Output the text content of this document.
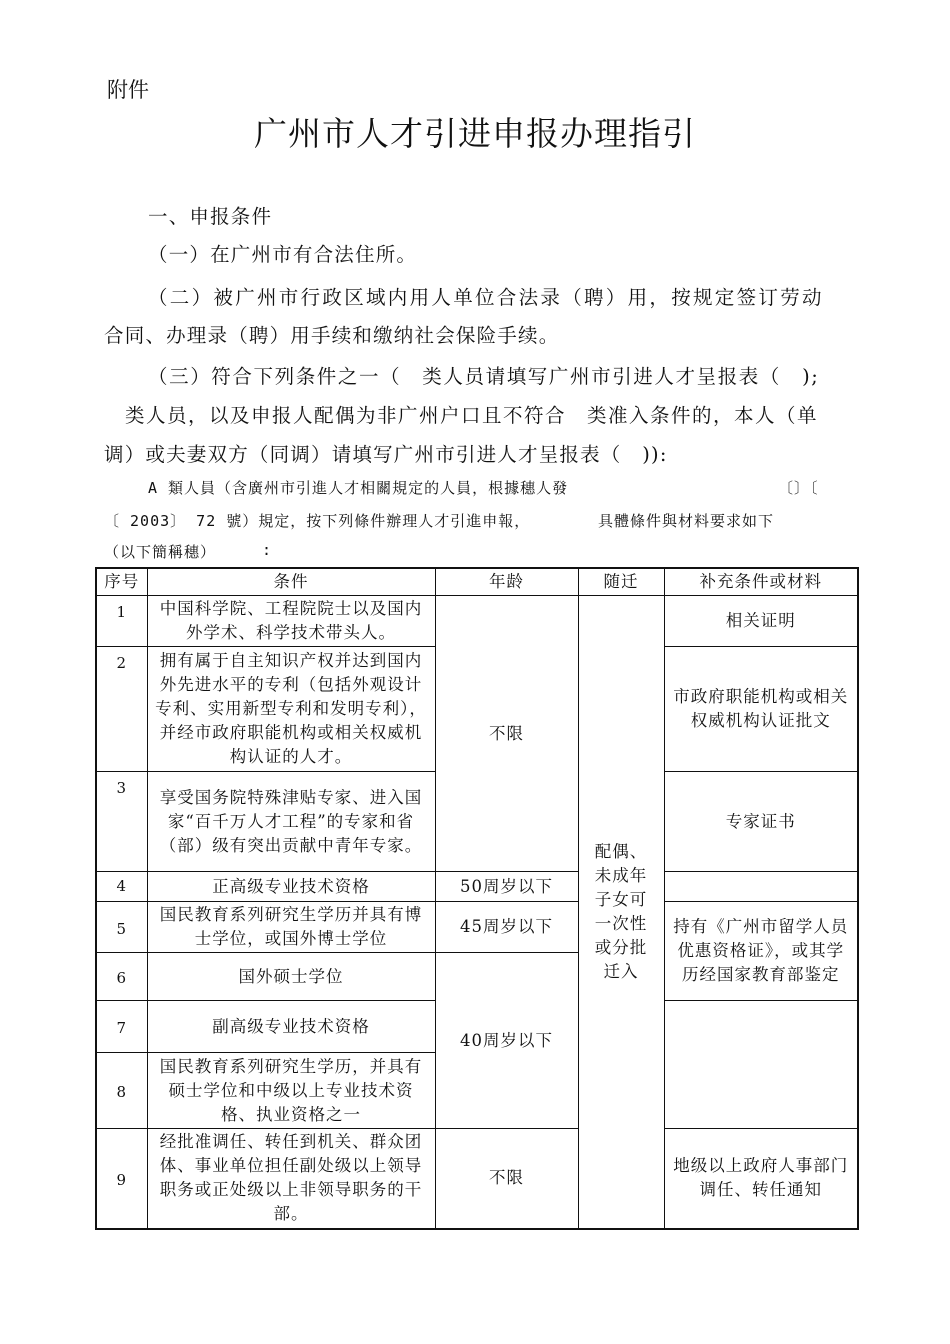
附件
广州市人才引进申报办理指引
一、申报条件
（一）在广州市有合法住所。
（二）被广州市行政区域内用人单位合法录（聘）用，按规定签订劳动
合同、办理录（聘）用手续和缴纳社会保险手续。
（三）符合下列条件之一（　类人员请填写广州市引进人才呈报表（　);
　类人员，以及申报人配偶为非广州户口且不符合　类准入条件的，本人（单
调）或夫妻双方（同调）请填写广州市引进人才呈报表（　)):
A 類人員（含廣州市引進人才相關規定的人員，根據穗人發	〔〕〔
〔 2003〕 72 號）規定，按下列條件辦理人才引進申報，	具體條件與材料要求如下
（以下簡稱穗）	:
序号	条件	年龄	随迁	补充条件或材料
1	中国科学院、工程院院士以及国内外学术、科学技术带头人。	不限	配偶、未成年子女可一次性或分批迁入	相关证明
2	拥有属于自主知识产权并达到国内外先进水平的专利（包括外观设计专利、实用新型专利和发明专利），并经市政府职能机构或相关权威机构认证的人才。			市政府职能机构或相关权威机构认证批文
3	享受国务院特殊津贴专家、进入国家“百千万人才工程”的专家和省（部）级有突出贡献中青年专家。			专家证书
4	正高级专业技术资格	50周岁以下		
5	国民教育系列研究生学历并具有博士学位，或国外博士学位	45周岁以下		持有《广州市留学人员优惠资格证》，或其学历经国家教育部鉴定
6	国外硕士学位	40周岁以下		
7	副高级专业技术资格			
8	国民教育系列研究生学历，并具有硕士学位和中级以上专业技术资格、执业资格之一			
9	经批准调任、转任到机关、群众团体、事业单位担任副处级以上领导职务或正处级以上非领导职务的干部。	不限		地级以上政府人事部门调任、转任通知
